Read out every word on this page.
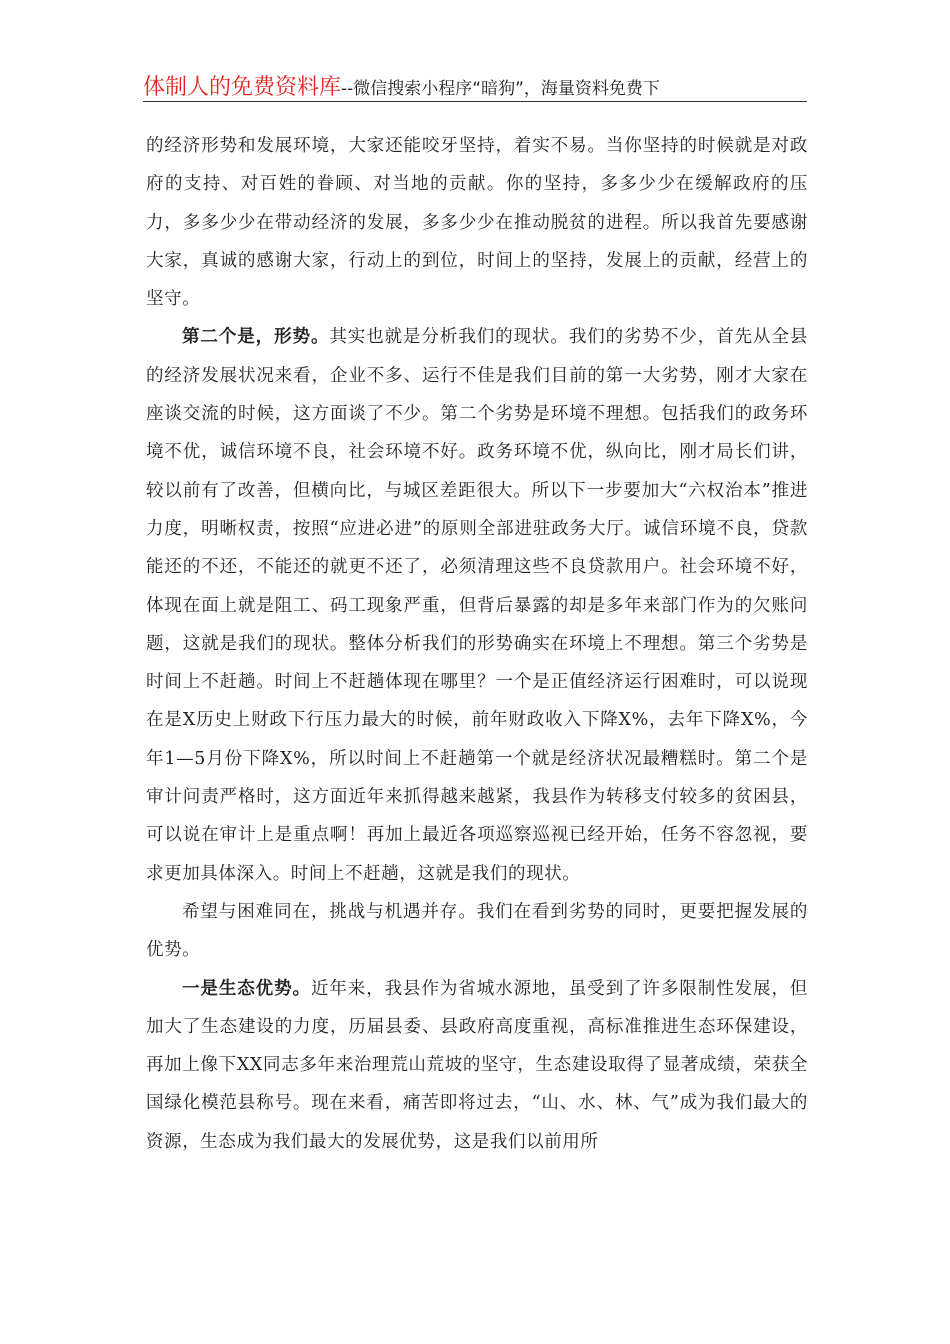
体制人的免费资料库--微信搜索小程序“暗狗”，海量资料免费下

的经济形势和发展环境，大家还能咬牙坚持，着实不易。当你坚持的时候就是对政府的支持、对百姓的眷顾、对当地的贡献。你的坚持，多多少少在缓解政府的压力，多多少少在带动经济的发展，多多少少在推动脱贫的进程。所以我首先要感谢大家，真诚的感谢大家，行动上的到位，时间上的坚持，发展上的贡献，经营上的坚守。

第二个是，形势。其实也就是分析我们的现状。我们的劣势不少，首先从全县的经济发展状况来看，企业不多、运行不佳是我们目前的第一大劣势，刚才大家在座谈交流的时候，这方面谈了不少。第二个劣势是环境不理想。包括我们的政务环境不优，诚信环境不良，社会环境不好。政务环境不优，纵向比，刚才局长们讲，较以前有了改善，但横向比，与城区差距很大。所以下一步要加大“六权治本”推进力度，明晰权责，按照“应进必进”的原则全部进驻政务大厅。诚信环境不良，贷款能还的不还，不能还的就更不还了，必须清理这些不良贷款用户。社会环境不好，体现在面上就是阻工、码工现象严重，但背后暴露的却是多年来部门作为的欠账问题，这就是我们的现状。整体分析我们的形势确实在环境上不理想。第三个劣势是时间上不赶趟。时间上不赶趟体现在哪里？一个是正值经济运行困难时，可以说现在是X历史上财政下行压力最大的时候，前年财政收入下降X%，去年下降X%，今年1—5月份下降X%，所以时间上不赶趟第一个就是经济状况最糟糕时。第二个是审计问责严格时，这方面近年来抓得越来越紧，我县作为转移支付较多的贫困县，可以说在审计上是重点啊！再加上最近各项巡察巡视已经开始，任务不容忽视，要求更加具体深入。时间上不赶趟，这就是我们的现状。

希望与困难同在，挑战与机遇并存。我们在看到劣势的同时，更要把握发展的优势。

一是生态优势。近年来，我县作为省城水源地，虽受到了许多限制性发展，但加大了生态建设的力度，历届县委、县政府高度重视，高标准推进生态环保建设，再加上像下XX同志多年来治理荒山荒坡的坚守，生态建设取得了显著成绩，荣获全国绿化模范县称号。现在来看，痛苦即将过去，“山、水、林、气”成为我们最大的资源，生态成为我们最大的发展优势，这是我们以前用所
